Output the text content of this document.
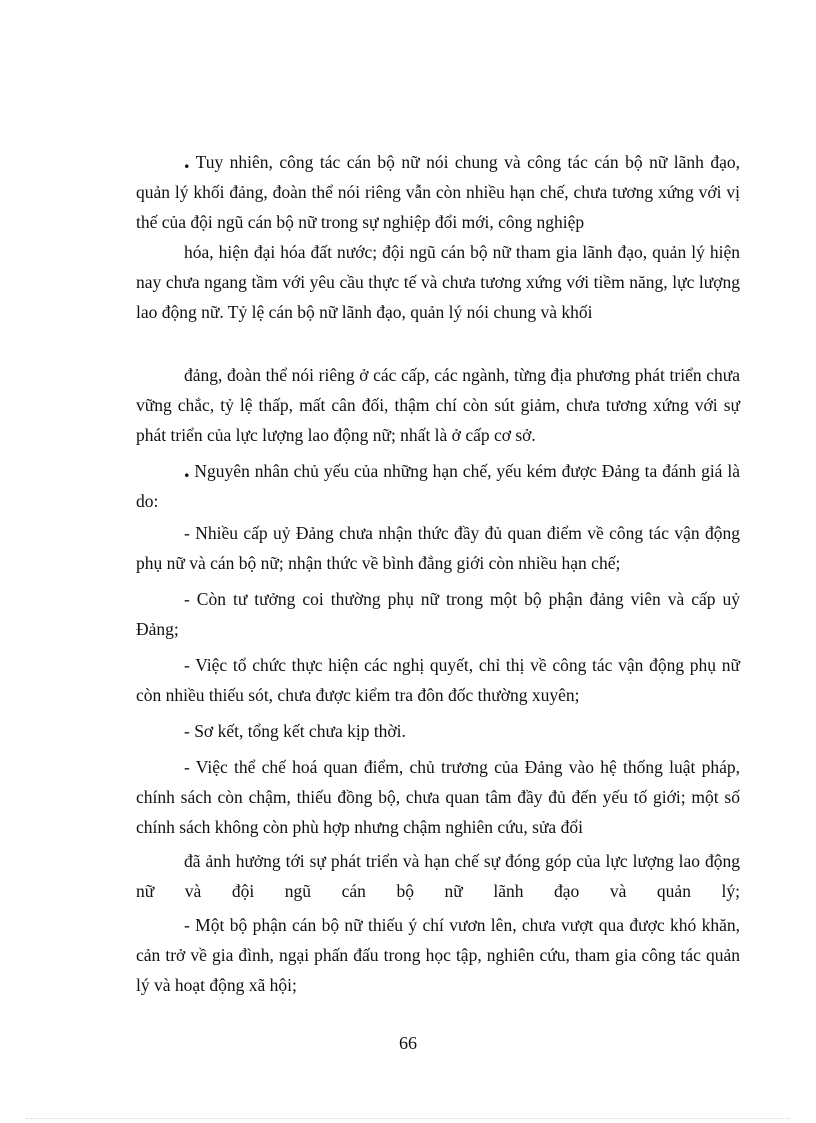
. Tuy nhiên, công tác cán bộ nữ nói chung và công tác cán bộ nữ lãnh đạo, quản lý khối đảng, đoàn thể nói riêng vẫn còn nhiều hạn chế, chưa tương xứng với vị thế của đội ngũ cán bộ nữ trong sự nghiệp đổi mới, công nghiệp

hóa, hiện đại hóa đất nước; đội ngũ cán bộ nữ tham gia lãnh đạo, quản lý hiện nay chưa ngang tầm với yêu cầu thực tế và chưa tương xứng với tiềm năng, lực lượng lao động nữ. Tỷ lệ cán bộ nữ lãnh đạo, quản lý nói chung và khối

đảng, đoàn thể nói riêng ở các cấp, các ngành, từng địa phương phát triển chưa vững chắc, tỷ lệ thấp, mất cân đối, thậm chí còn sút giảm, chưa tương xứng với sự phát triển của lực lượng lao động nữ; nhất là ở cấp cơ sở.

. Nguyên nhân chủ yếu của những hạn chế, yếu kém được Đảng ta đánh giá là do:

- Nhiều cấp uỷ Đảng chưa nhận thức đầy đủ quan điểm về công tác vận động phụ nữ và cán bộ nữ; nhận thức về bình đẳng giới còn nhiều hạn chế;

- Còn tư tưởng coi thường phụ nữ trong một bộ phận đảng viên và cấp uỷ Đảng;

- Việc tổ chức thực hiện các nghị quyết, chỉ thị về công tác vận động phụ nữ còn nhiều thiếu sót, chưa được kiểm tra đôn đốc thường xuyên;

- Sơ kết, tổng kết chưa kịp thời.

- Việc thể chế hoá quan điểm, chủ trương của Đảng vào hệ thống luật pháp, chính sách còn chậm, thiếu đồng bộ, chưa quan tâm đầy đủ đến yếu tố giới; một số chính sách không còn phù hợp nhưng chậm nghiên cứu, sửa đổi

đã ảnh hưởng tới sự phát triển và hạn chế sự đóng góp của lực lượng lao động nữ và đội ngũ cán bộ nữ lãnh đạo và quản lý;

- Một bộ phận cán bộ nữ thiếu ý chí vươn lên, chưa vượt qua được khó khăn, cản trở về gia đình, ngại phấn đấu trong học tập, nghiên cứu, tham gia công tác quản lý và hoạt động xã hội;

66
